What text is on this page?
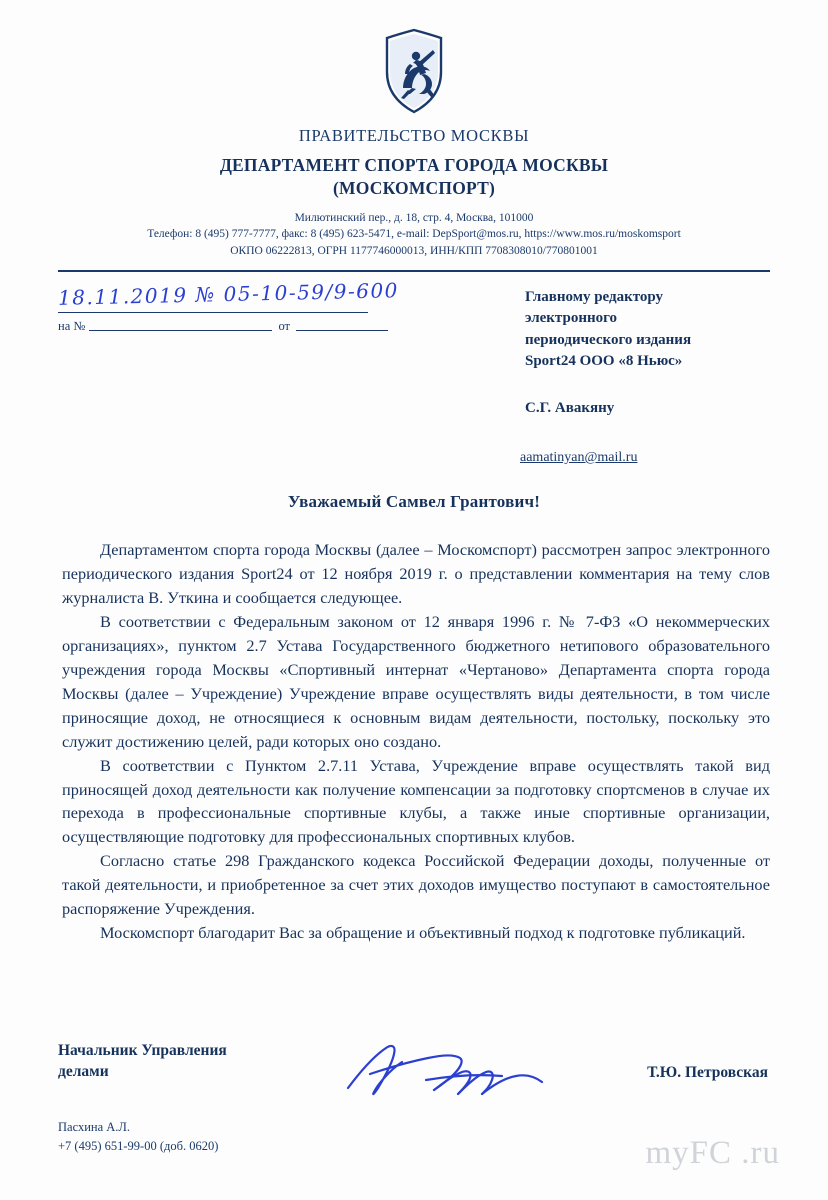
ПРАВИТЕЛЬСТВО МОСКВЫ
ДЕПАРТАМЕНТ СПОРТА ГОРОДА МОСКВЫ
(МОСКОМСПОРТ)
Милютинский пер., д. 18, стр. 4, Москва, 101000
Телефон: 8 (495) 777-7777, факс: 8 (495) 623-5471, e-mail: DepSport@mos.ru, https://www.mos.ru/moskomsport
ОКПО 06222813, ОГРН 1177746000013, ИНН/КПП 7708308010/770801001
18.11.2019 № 05-10-59/9-600
на №	от
Главному редактору
электронного
периодического издания
Sport24 ООО «8 Ньюс»
С.Г. Авакяну
aamatinyan@mail.ru
Уважаемый Самвел Грантович!

Департаментом спорта города Москвы (далее – Москомспорт) рассмотрен запрос электронного периодического издания Sport24 от 12 ноября 2019 г. о представлении комментария на тему слов журналиста В. Уткина и сообщается следующее.

В соответствии с Федеральным законом от 12 января 1996 г. № 7-ФЗ «О некоммерческих организациях», пунктом 2.7 Устава Государственного бюджетного нетипового образовательного учреждения города Москвы «Спортивный интернат «Чертаново» Департамента спорта города Москвы (далее – Учреждение) Учреждение вправе осуществлять виды деятельности, в том числе приносящие доход, не относящиеся к основным видам деятельности, постольку, поскольку это служит достижению целей, ради которых оно создано.

В соответствии с Пунктом 2.7.11 Устава, Учреждение вправе осуществлять такой вид приносящей доход деятельности как получение компенсации за подготовку спортсменов в случае их перехода в профессиональные спортивные клубы, а также иные спортивные организации, осуществляющие подготовку для профессиональных спортивных клубов.

Согласно статье 298 Гражданского кодекса Российской Федерации доходы, полученные от такой деятельности, и приобретенное за счет этих доходов имущество поступают в самостоятельное распоряжение Учреждения.

Москомспорт благодарит Вас за обращение и объективный подход к подготовке публикаций.

Начальник Управления
делами	Т.Ю. Петровская
Пасхина А.Л.
+7 (495) 651-99-00 (доб. 0620)	myFC .ru
